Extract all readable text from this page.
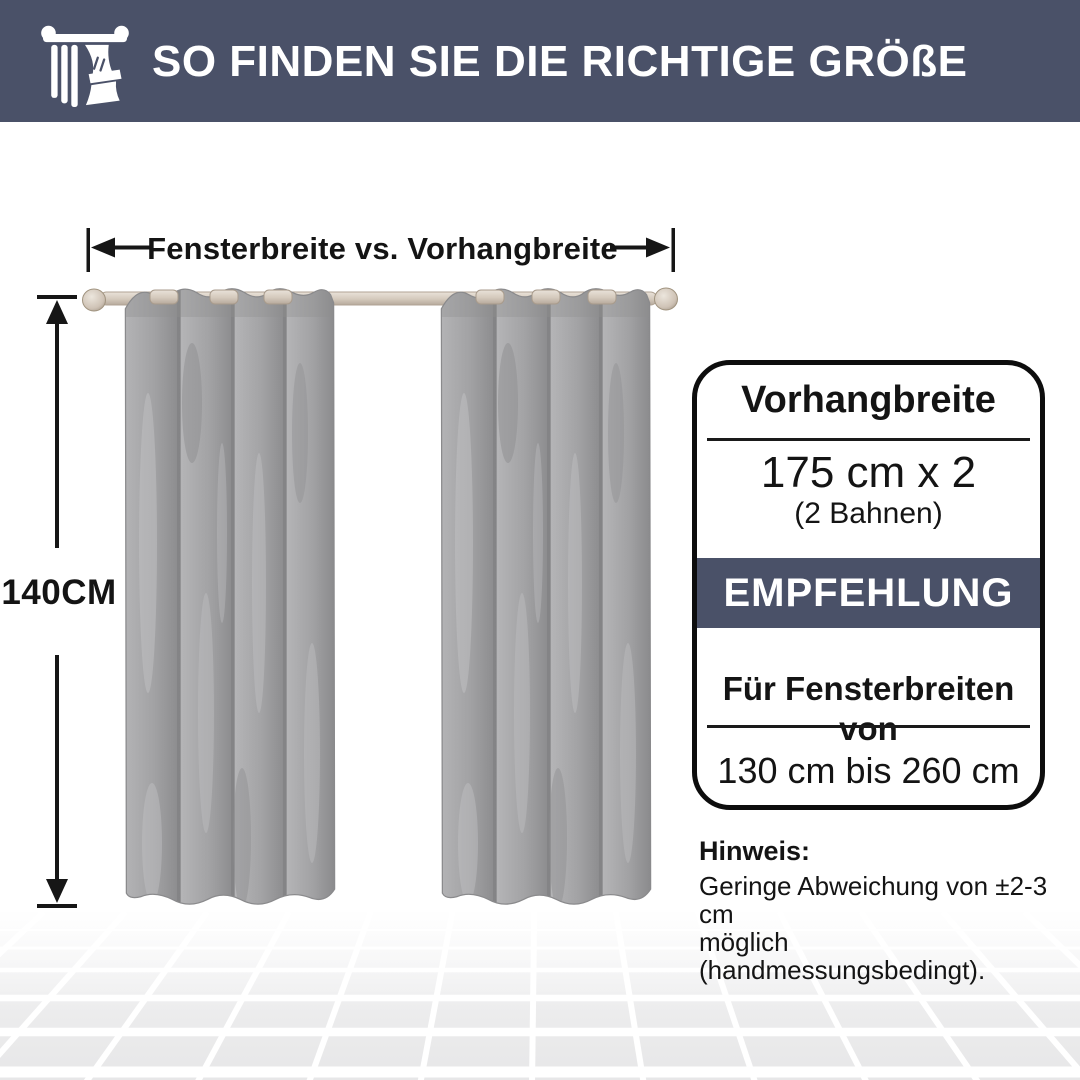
SO FINDEN SIE DIE RICHTIGE GRÖßE
Fensterbreite vs. Vorhangbreite
140CM
Vorhangbreite
175 cm x 2
(2 Bahnen)
EMPFEHLUNG
Für Fensterbreiten von
130 cm bis 260 cm
Hinweis:
Geringe Abweichung von ±2-3 cm
möglich (handmessungsbedingt).
